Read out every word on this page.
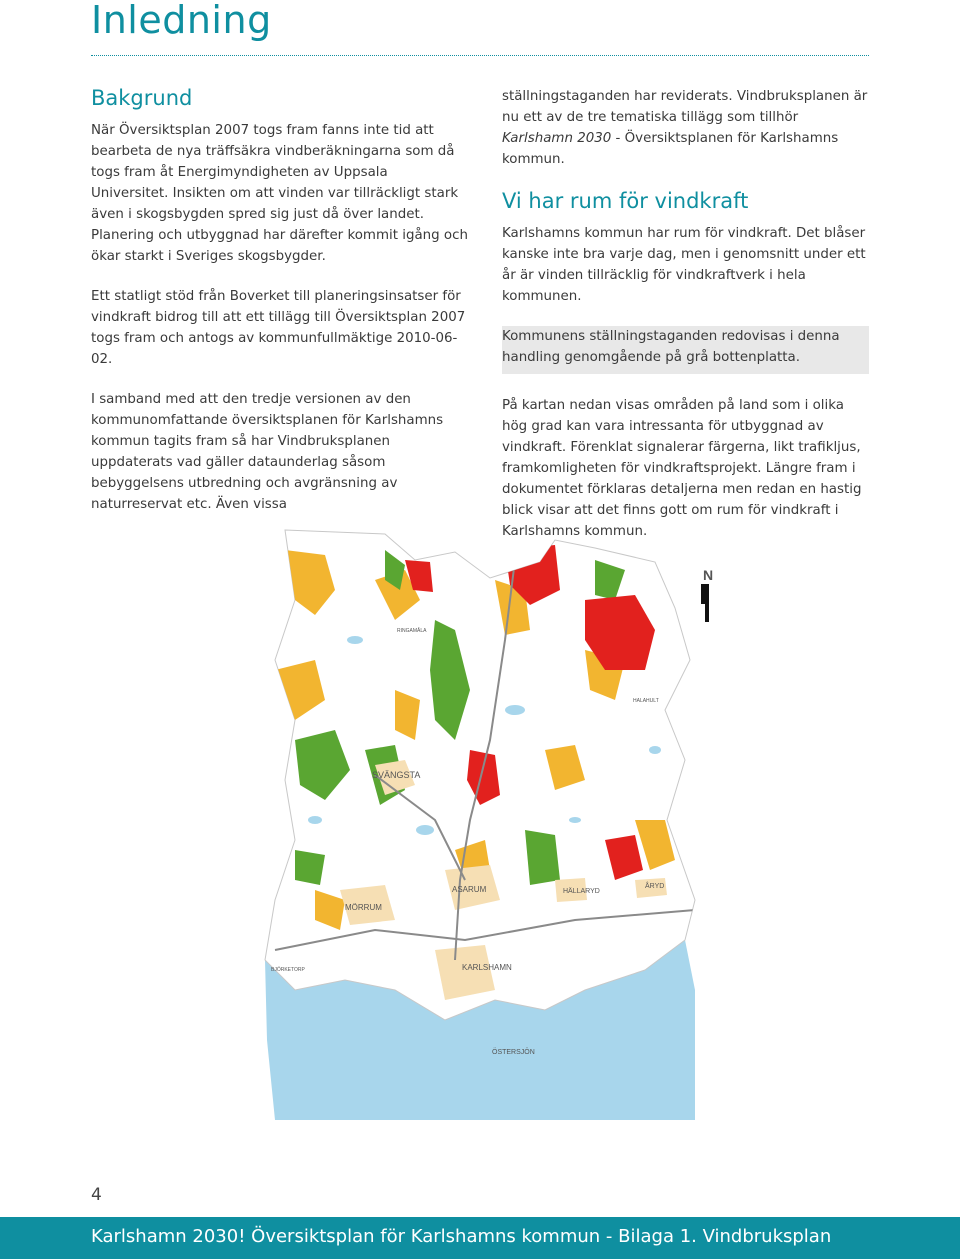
Inledning
Bakgrund

När Översiktsplan 2007 togs fram fanns inte tid att bearbeta de nya träffsäkra vindberäkningarna som då togs fram åt Energimyndigheten av Uppsala Universitet. Insikten om att vinden var tillräckligt stark även i skogsbygden spred sig just då över landet. Planering och utbyggnad har därefter kommit igång och ökar starkt i Sveriges skogsbygder.

Ett statligt stöd från Boverket till planeringsinsatser för vindkraft bidrog till att ett tillägg till Översiktsplan 2007 togs fram och antogs av kommunfullmäktige 2010-06-02.

I samband med att den tredje versionen av den kommunomfattande översiktsplanen för Karlshamns kommun tagits fram så har Vindbruksplanen uppdaterats vad gäller dataunderlag såsom bebyggelsens utbredning och avgränsning av naturreservat etc. Även vissa

ställningstaganden har reviderats. Vindbruksplanen är nu ett av de tre tematiska tillägg som tillhör Karlshamn 2030 - Översiktsplanen för Karlshamns kommun.

Vi har rum för vindkraft

Karlshamns kommun har rum för vindkraft. Det blåser kanske inte bra varje dag, men i genomsnitt under ett år är vinden tillräcklig för vindkraftverk i hela kommunen.

Kommunens ställningstaganden redovisas i denna handling genomgående på grå bottenplatta.

På kartan nedan visas områden på land som i olika hög grad kan vara intressanta för utbyggnad av vindkraft. Förenklat signalerar färgerna, likt trafikljus, framkomligheten för vindkraftsprojekt. Längre fram i dokumentet förklaras detaljerna men redan en hastig blick visar att det finns gott om rum för vindkraft i Karlshamns kommun.

N
RINGAMÅLA
HALAHULT
SVÄNGSTA
ASARUM	HÄLLARYD
ÅRYD
MÖRRUM
BJÖRKETORP	KARLSHAMN
ÖSTERSJÖN
4
Karlshamn 2030! Översiktsplan för Karlshamns kommun - Bilaga 1. Vindbruksplan
